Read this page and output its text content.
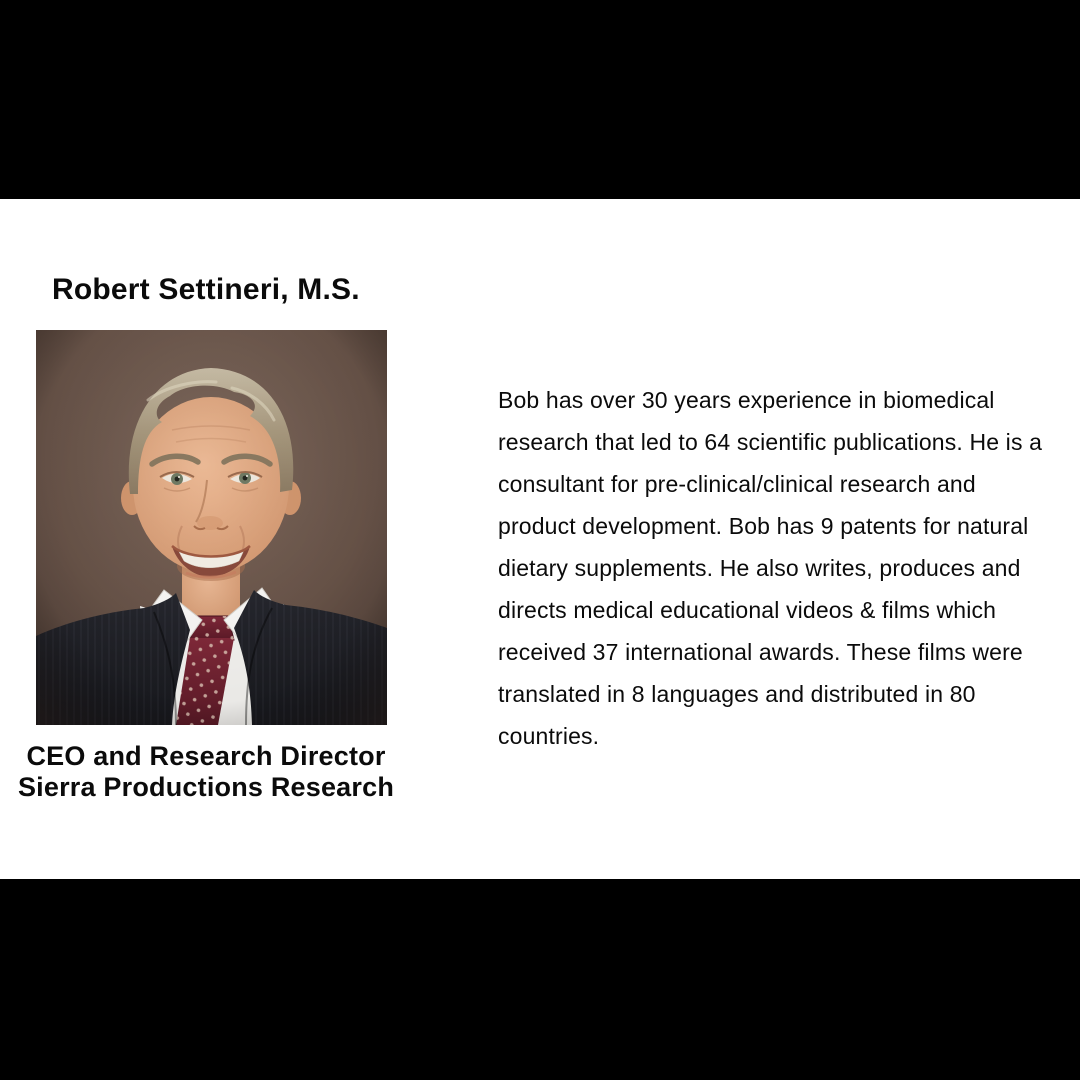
Robert Settineri, M.S.
CEO and Research Director
Sierra Productions Research
Bob has over 30 years experience in biomedical
research that led to 64 scientific publications. He is a
consultant for pre-clinical/clinical research and
product development. Bob has 9 patents for natural
dietary supplements. He also writes, produces and
directs medical educational videos & films which
received 37 international awards. These films were
translated in 8 languages and distributed in 80
countries.
